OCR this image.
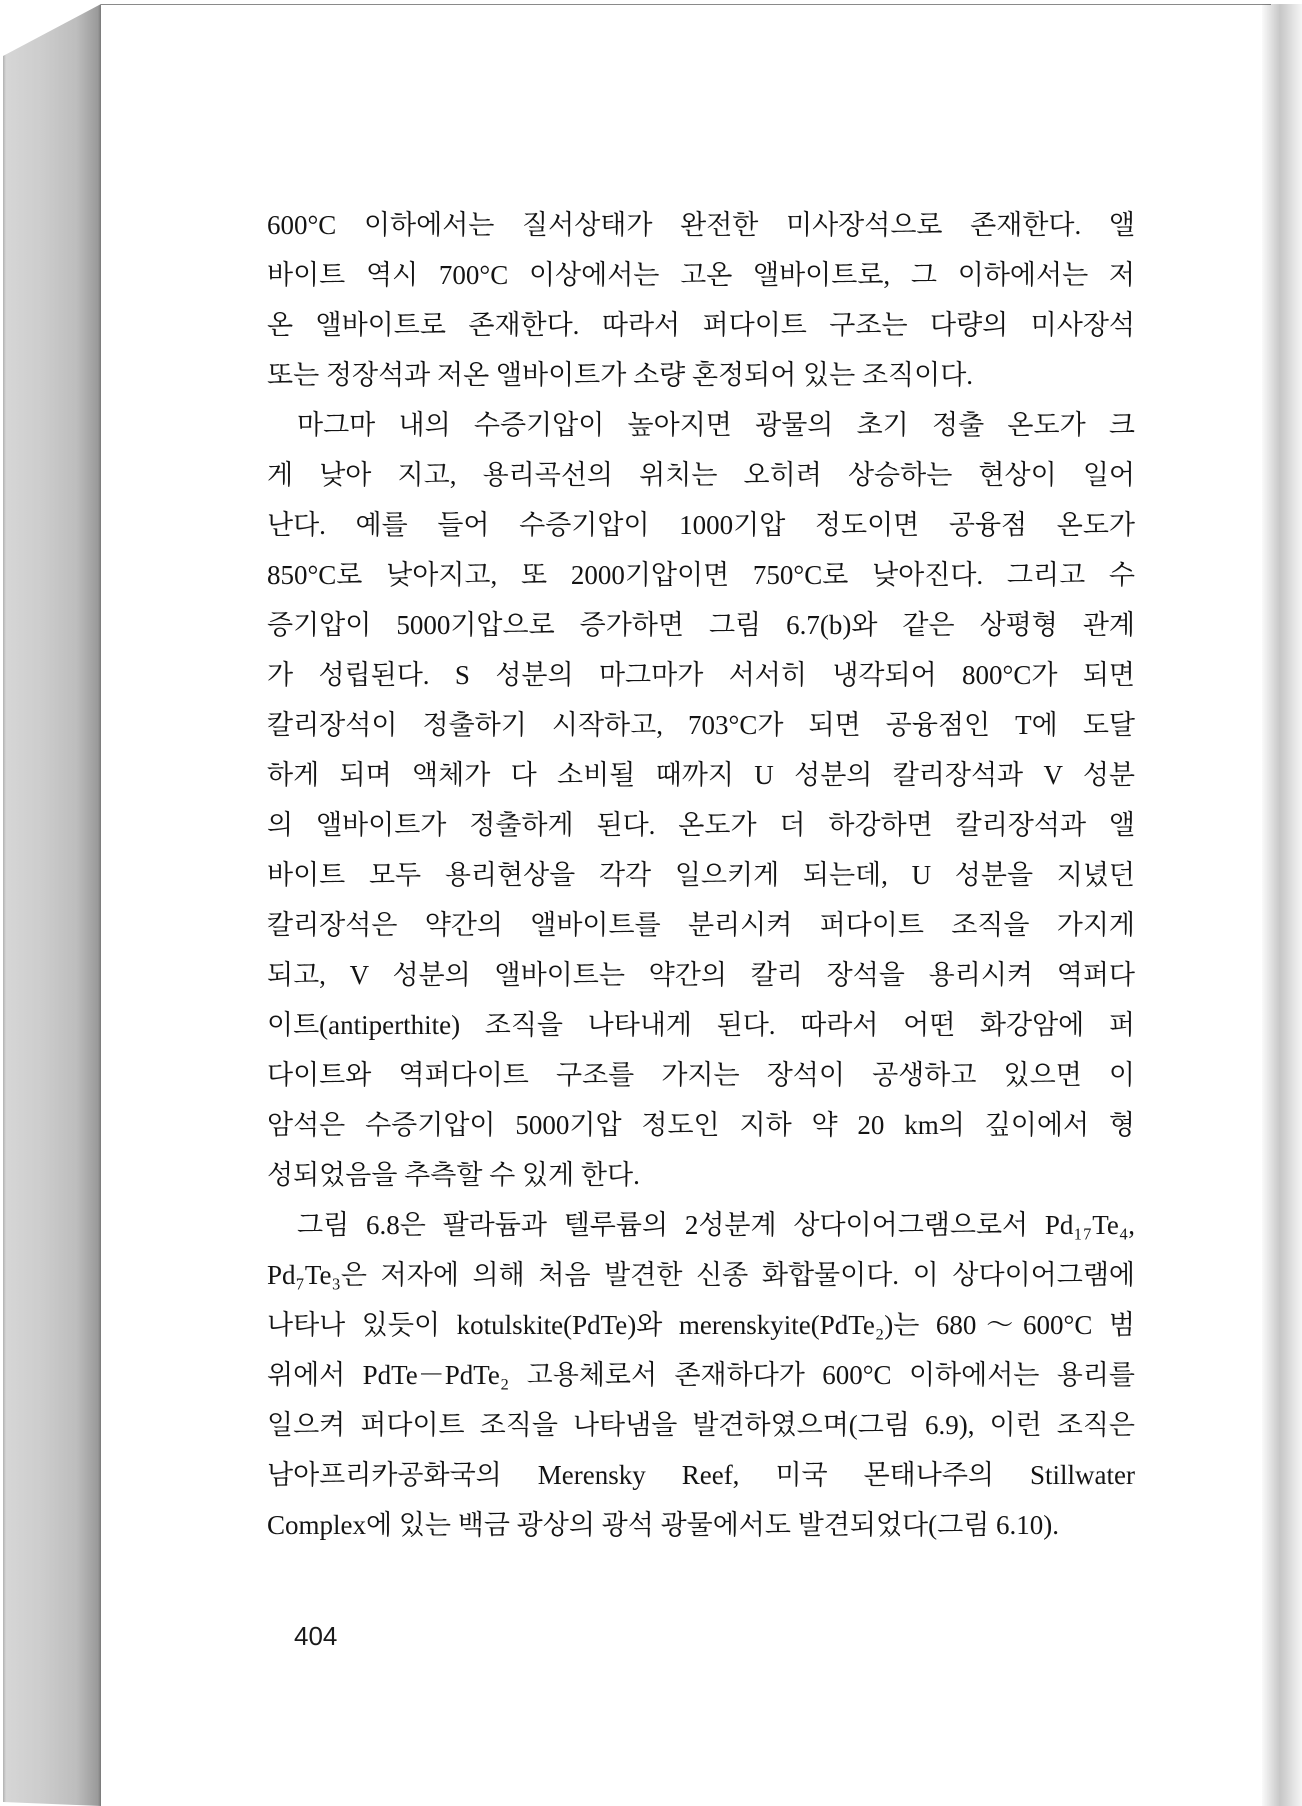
600°C 이하에서는 질서상태가 완전한 미사장석으로 존재한다. 앨
바이트 역시 700°C 이상에서는 고온 앨바이트로, 그 이하에서는 저
온 앨바이트로 존재한다. 따라서 퍼다이트 구조는 다량의 미사장석
또는 정장석과 저온 앨바이트가 소량 혼정되어 있는 조직이다.
마그마 내의 수증기압이 높아지면 광물의 초기 정출 온도가 크
게 낮아 지고, 용리곡선의 위치는 오히려 상승하는 현상이 일어
난다. 예를 들어 수증기압이 1000기압 정도이면 공융점 온도가
850°C로 낮아지고, 또 2000기압이면 750°C로 낮아진다. 그리고 수
증기압이 5000기압으로 증가하면 그림 6.7(b)와 같은 상평형 관계
가 성립된다. S 성분의 마그마가 서서히 냉각되어 800°C가 되면
칼리장석이 정출하기 시작하고, 703°C가 되면 공융점인 T에 도달
하게 되며 액체가 다 소비될 때까지 U 성분의 칼리장석과 V 성분
의 앨바이트가 정출하게 된다. 온도가 더 하강하면 칼리장석과 앨
바이트 모두 용리현상을 각각 일으키게 되는데, U 성분을 지녔던
칼리장석은 약간의 앨바이트를 분리시켜 퍼다이트 조직을 가지게
되고, V 성분의 앨바이트는 약간의 칼리 장석을 용리시켜 역퍼다
이트(antiperthite) 조직을 나타내게 된다. 따라서 어떤 화강암에 퍼
다이트와 역퍼다이트 구조를 가지는 장석이 공생하고 있으면 이
암석은 수증기압이 5000기압 정도인 지하 약 20 km의 깊이에서 형
성되었음을 추측할 수 있게 한다.
그림 6.8은 팔라듐과 텔루륨의 2성분계 상다이어그램으로서 Pd₁₇Te₄,
Pd₇Te₃은 저자에 의해 처음 발견한 신종 화합물이다. 이 상다이어그램에
나타나 있듯이 kotulskite(PdTe)와 merenskyite(PdTe₂)는 680～600°C 범
위에서 PdTe－PdTe₂ 고용체로서 존재하다가 600°C 이하에서는 용리를
일으켜 퍼다이트 조직을 나타냄을 발견하였으며(그림 6.9), 이런 조직은
남아프리카공화국의 Merensky Reef, 미국 몬태나주의 Stillwater
Complex에 있는 백금 광상의 광석 광물에서도 발견되었다(그림 6.10).
404
